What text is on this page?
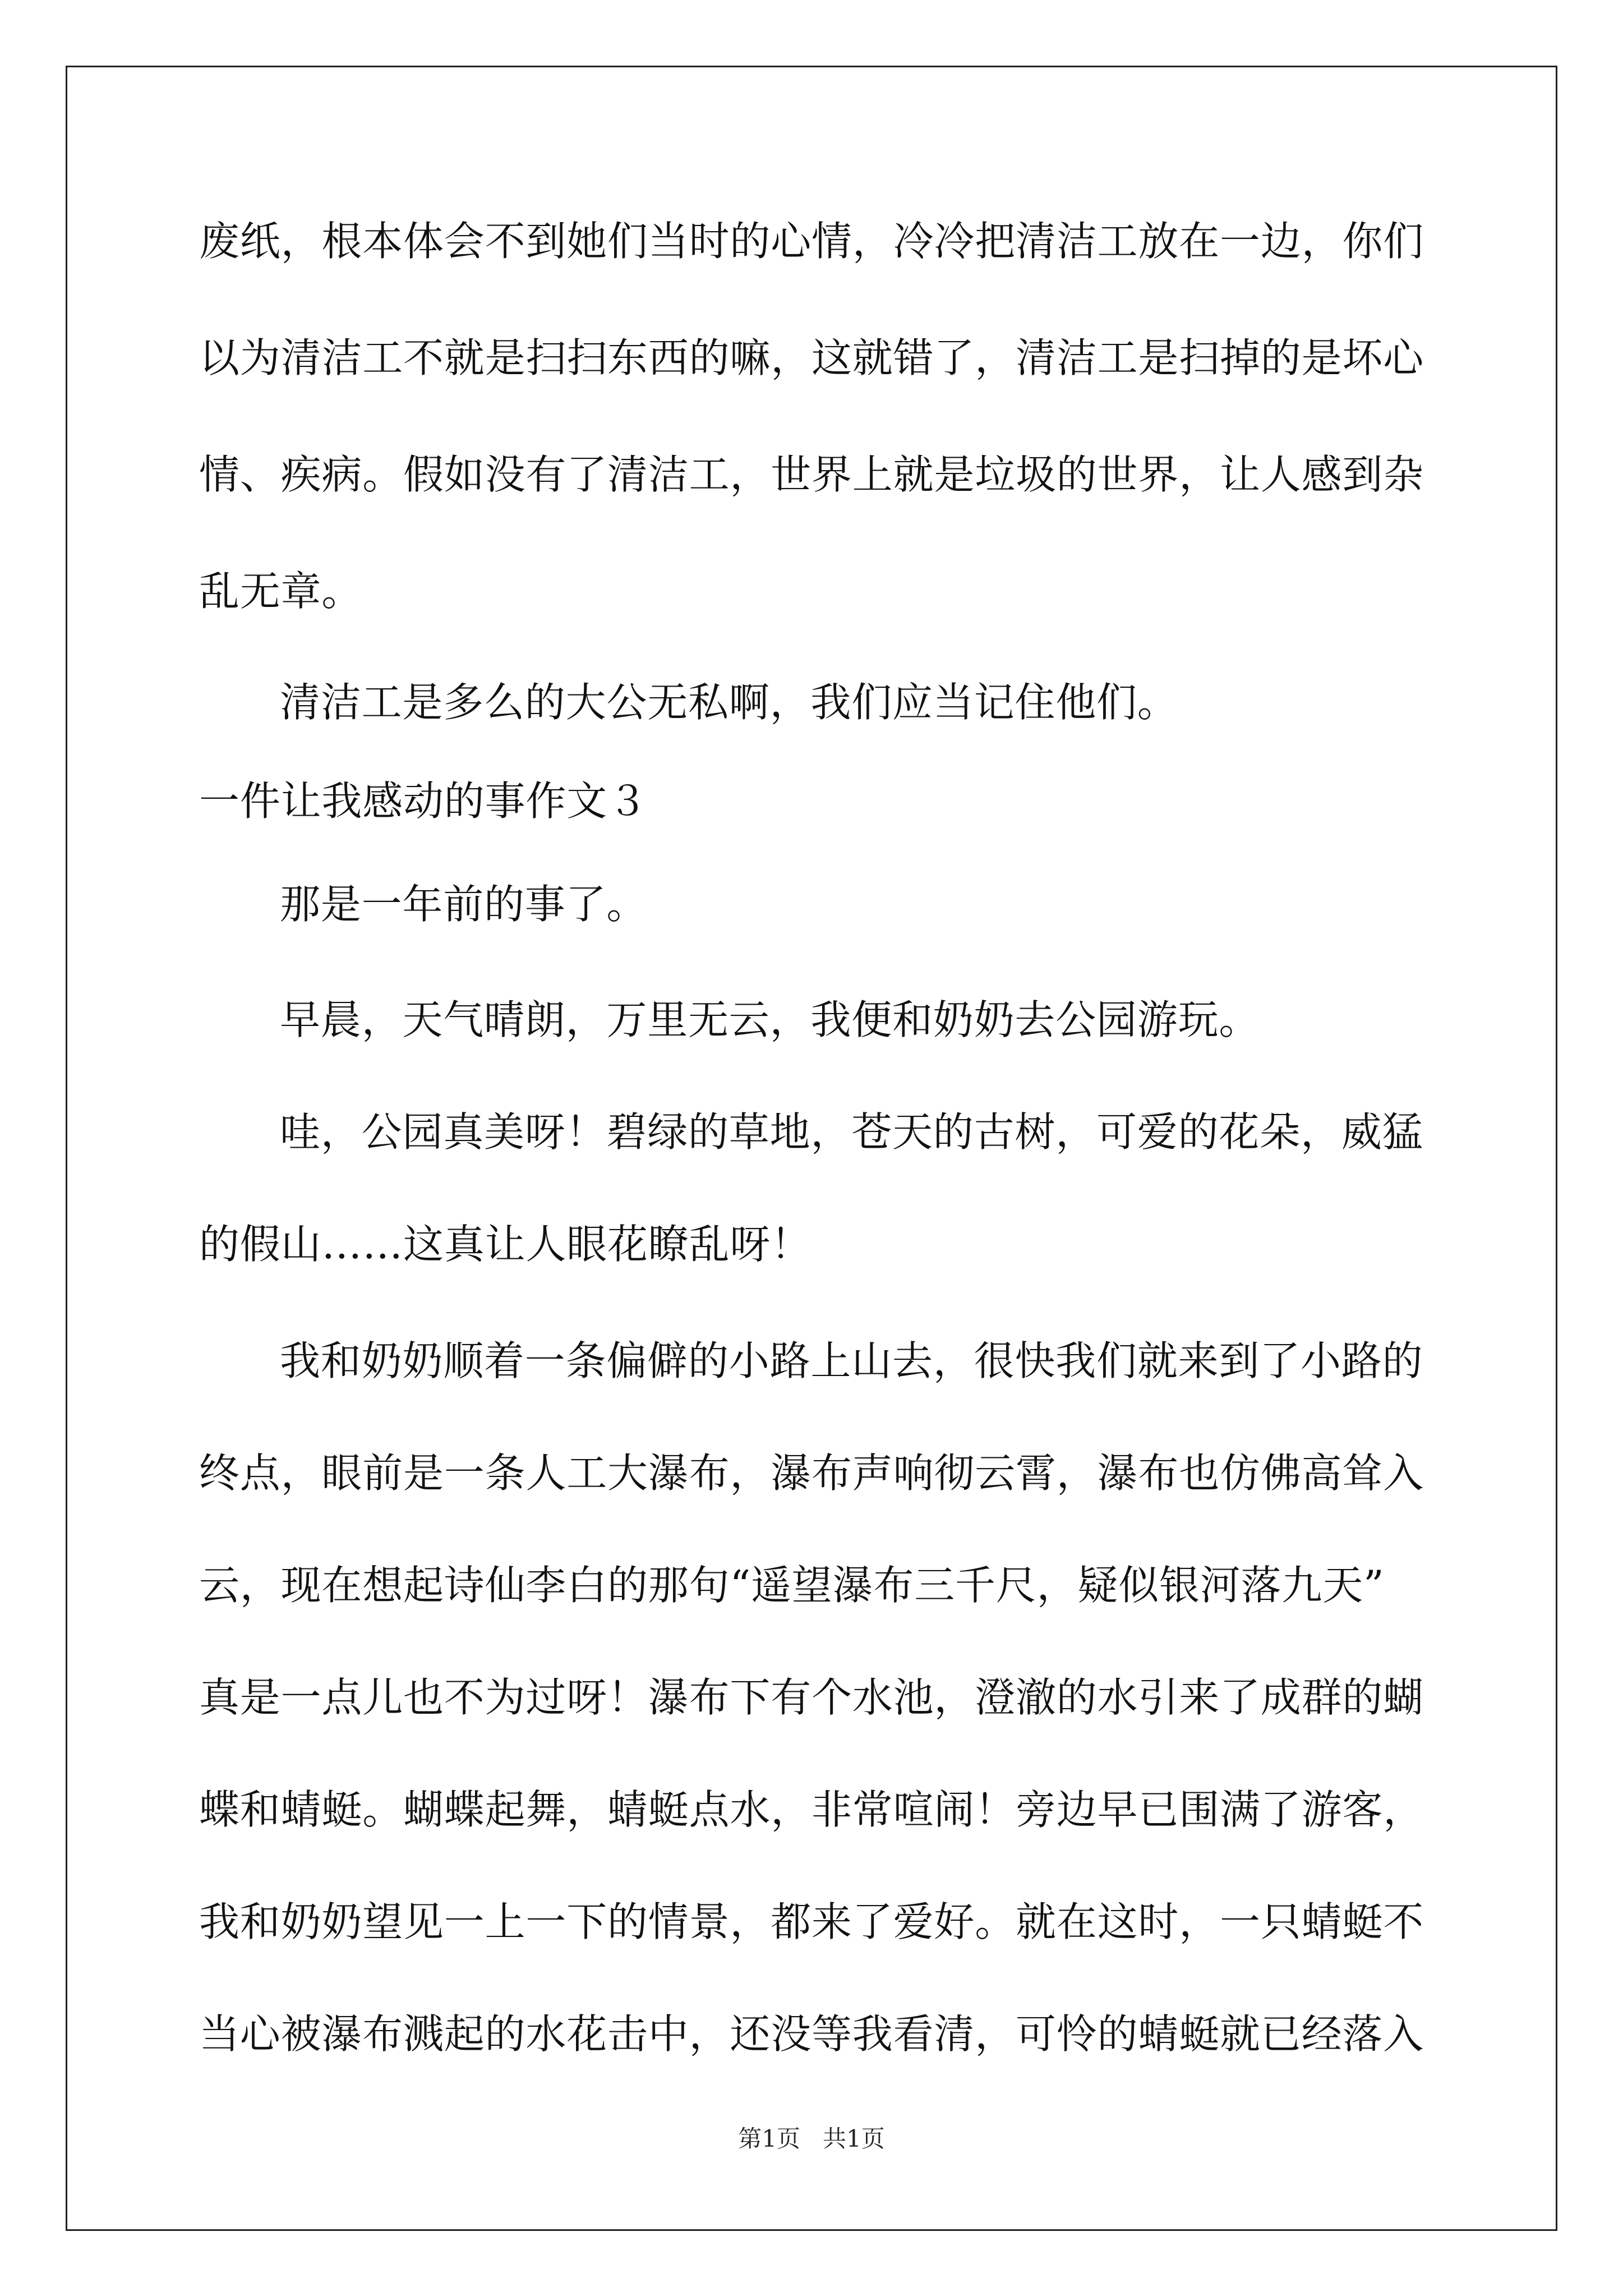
废纸，根本体会不到她们当时的心情，冷冷把清洁工放在一边，你们
以为清洁工不就是扫扫东西的嘛，这就错了，清洁工是扫掉的是坏心
情、疾病。假如没有了清洁工，世界上就是垃圾的世界，让人感到杂
乱无章。
清洁工是多么的大公无私啊，我们应当记住他们。
一件让我感动的事作文３
那是一年前的事了。
早晨，天气晴朗，万里无云，我便和奶奶去公园游玩。
哇，公园真美呀！碧绿的草地，苍天的古树，可爱的花朵，威猛
的假山……这真让人眼花瞭乱呀！
我和奶奶顺着一条偏僻的小路上山去，很快我们就来到了小路的
终点，眼前是一条人工大瀑布，瀑布声响彻云霄，瀑布也仿佛高耸入
云，现在想起诗仙李白的那句“遥望瀑布三千尺，疑似银河落九天”
真是一点儿也不为过呀！瀑布下有个水池，澄澈的水引来了成群的蝴
蝶和蜻蜓。蝴蝶起舞，蜻蜓点水，非常喧闹！旁边早已围满了游客，
我和奶奶望见一上一下的情景，都来了爱好。就在这时，一只蜻蜓不
当心被瀑布溅起的水花击中，还没等我看清，可怜的蜻蜓就已经落入
第1页   共1页
